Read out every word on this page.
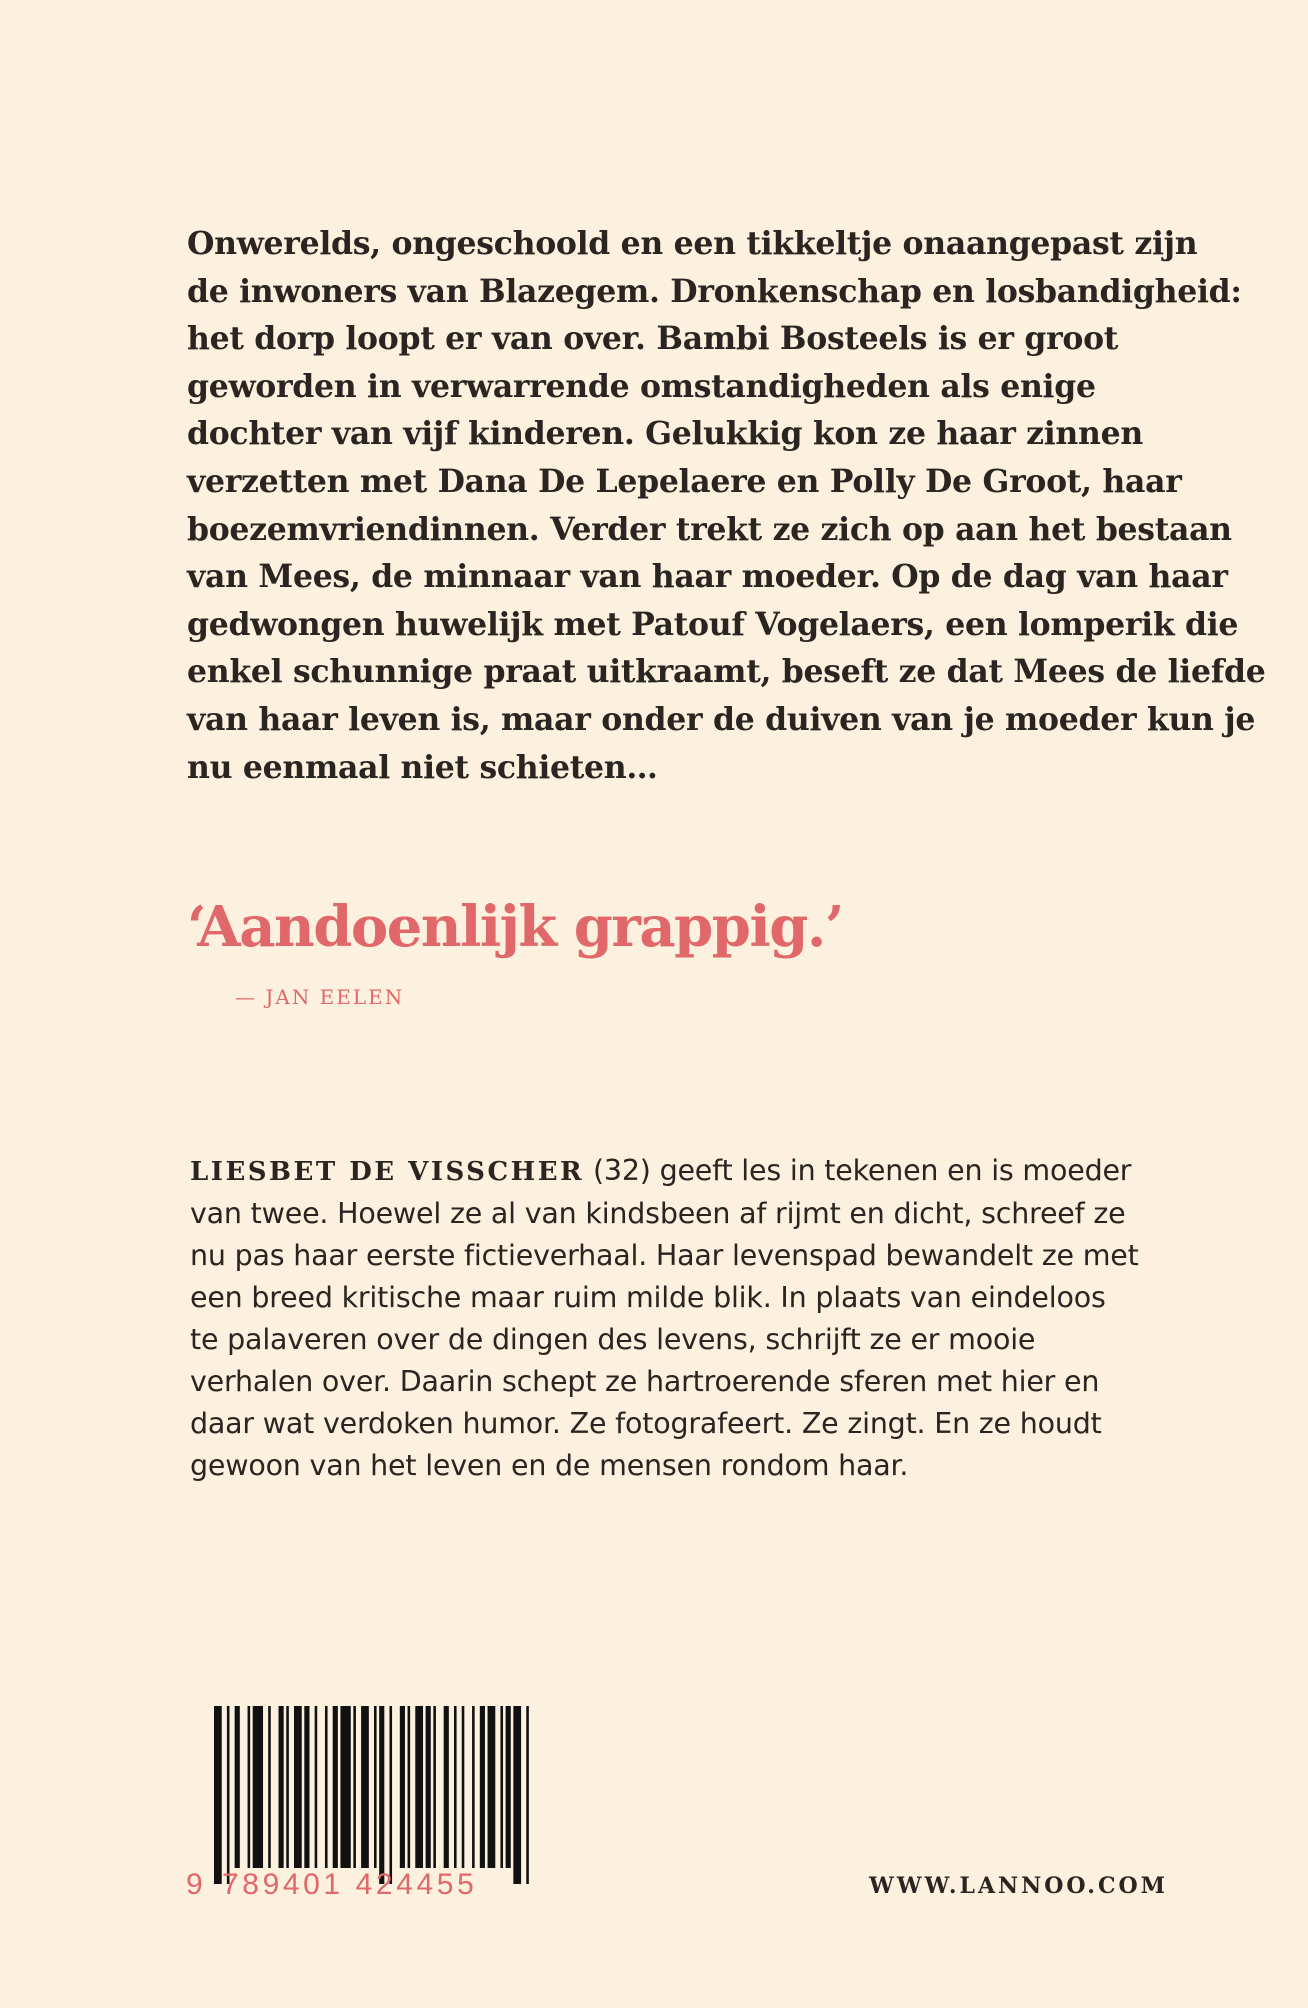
Onwerelds, ongeschoold en een tikkeltje onaangepast zijn
de inwoners van Blazegem. Dronkenschap en losbandigheid:
het dorp loopt er van over. Bambi Bosteels is er groot
geworden in verwarrende omstandigheden als enige
dochter van vijf kinderen. Gelukkig kon ze haar zinnen
verzetten met Dana De Lepelaere en Polly De Groot, haar
boezemvriendinnen. Verder trekt ze zich op aan het bestaan
van Mees, de minnaar van haar moeder. Op de dag van haar
gedwongen huwelijk met Patouf Vogelaers, een lomperik die
enkel schunnige praat uitkraamt, beseft ze dat Mees de liefde
van haar leven is, maar onder de duiven van je moeder kun je
nu eenmaal niet schieten…

‘Aandoenlijk grappig.’

— JAN EELEN

LIESBET DE VISSCHER (32) geeft les in tekenen en is moeder
van twee. Hoewel ze al van kindsbeen af rijmt en dicht, schreef ze
nu pas haar eerste fictieverhaal. Haar levenspad bewandelt ze met
een breed kritische maar ruim milde blik. In plaats van eindeloos
te palaveren over de dingen des levens, schrijft ze er mooie
verhalen over. Daarin schept ze hartroerende sferen met hier en
daar wat verdoken humor. Ze fotografeert. Ze zingt. En ze houdt
gewoon van het leven en de mensen rondom haar.

9 789401 424455	WWW.LANNOO.COM
